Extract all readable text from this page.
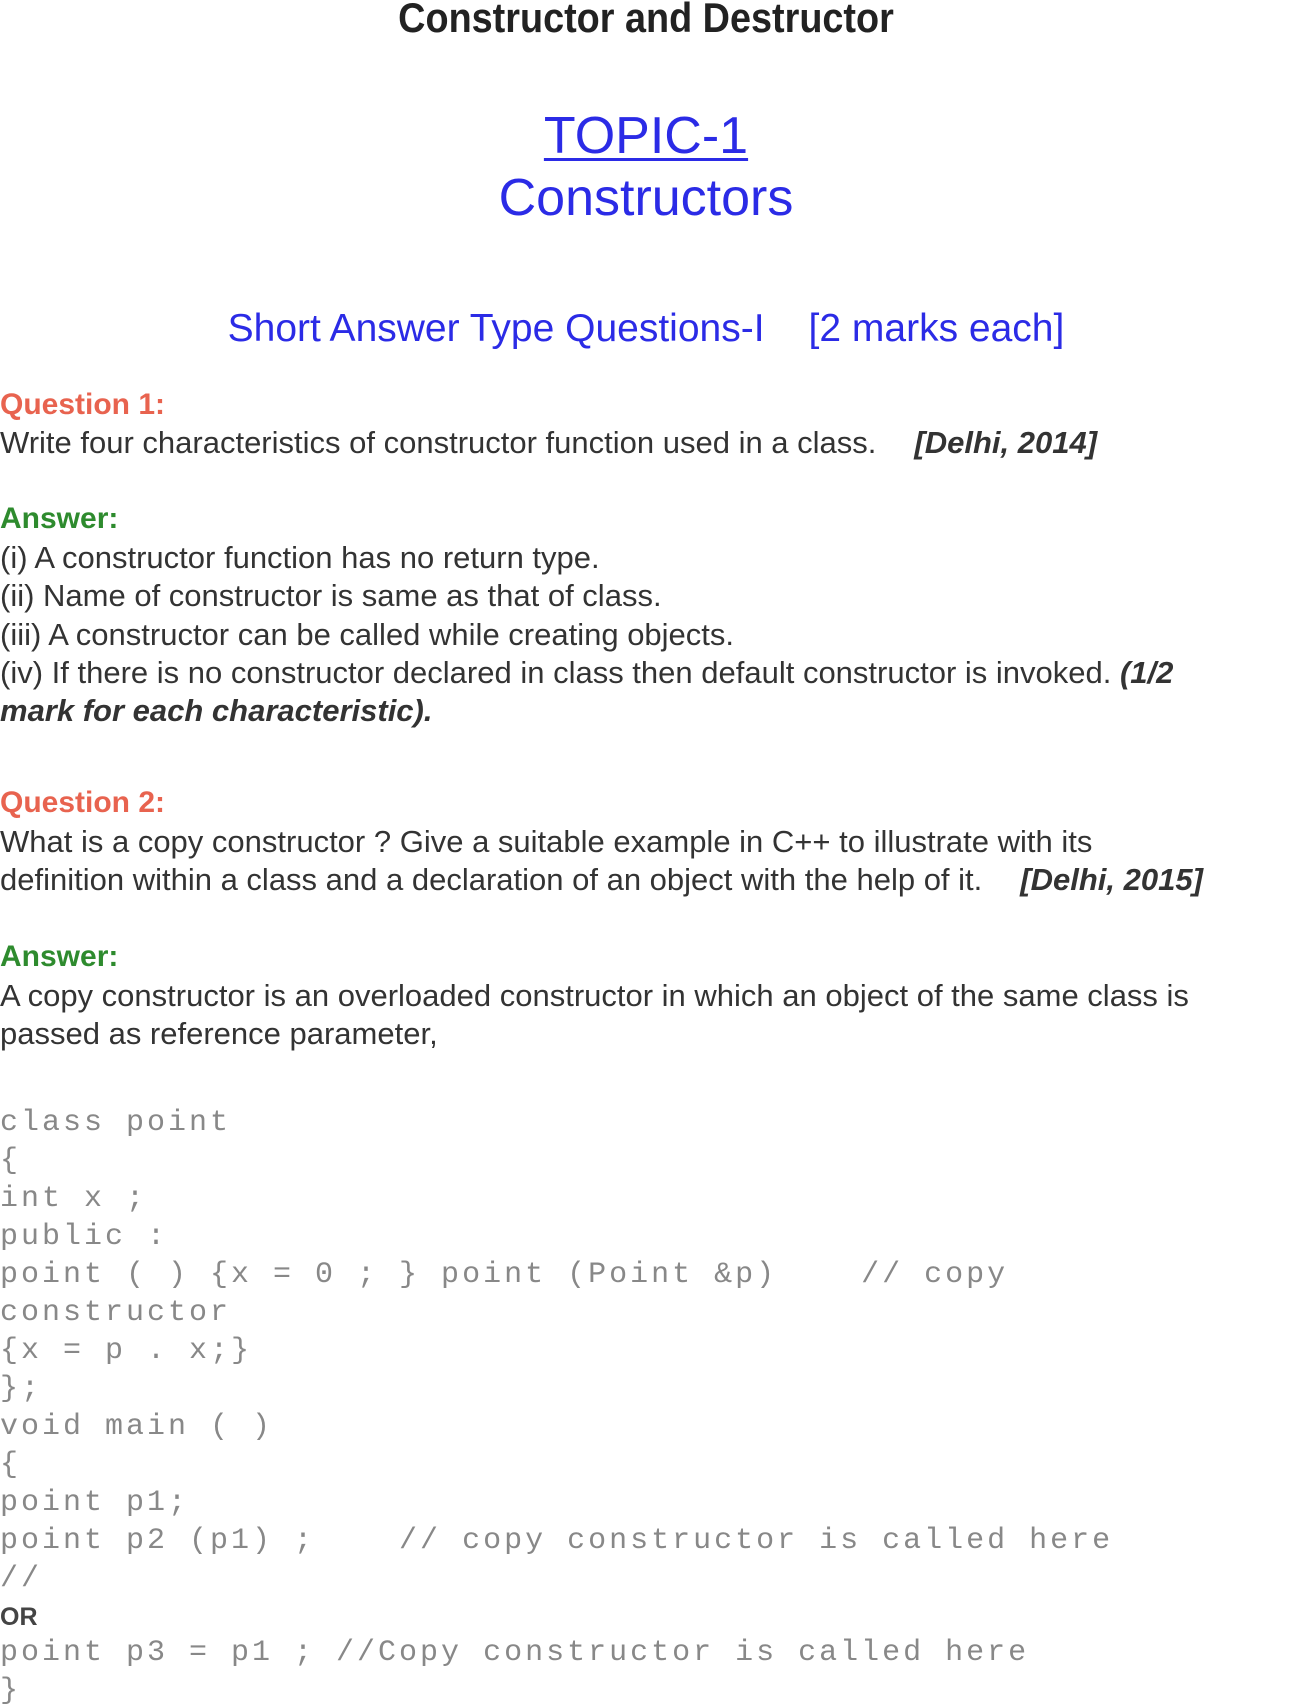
Constructor and Destructor
TOPIC-1
Constructors
Short Answer Type Questions-I [2 marks each]
Question 1:
Write four characteristics of constructor function used in a class. [Delhi, 2014]
Answer:
(i) A constructor function has no return type.
(ii) Name of constructor is same as that of class.
(iii) A constructor can be called while creating objects.
(iv) If there is no constructor declared in class then default constructor is invoked. (1/2
mark for each characteristic).
Question 2:
What is a copy constructor ? Give a suitable example in C++ to illustrate with its
definition within a class and a declaration of an object with the help of it. [Delhi, 2015]
Answer:
A copy constructor is an overloaded constructor in which an object of the same class is
passed as reference parameter,
class point
{
int x ;
public :
point ( ) {x = 0 ; } point (Point &p)    // copy
constructor
{x = p . x;}
};
void main ( )
{
point p1;
point p2 (p1) ;    // copy constructor is called here
//
OR
point p3 = p1 ; //Copy constructor is called here
}
